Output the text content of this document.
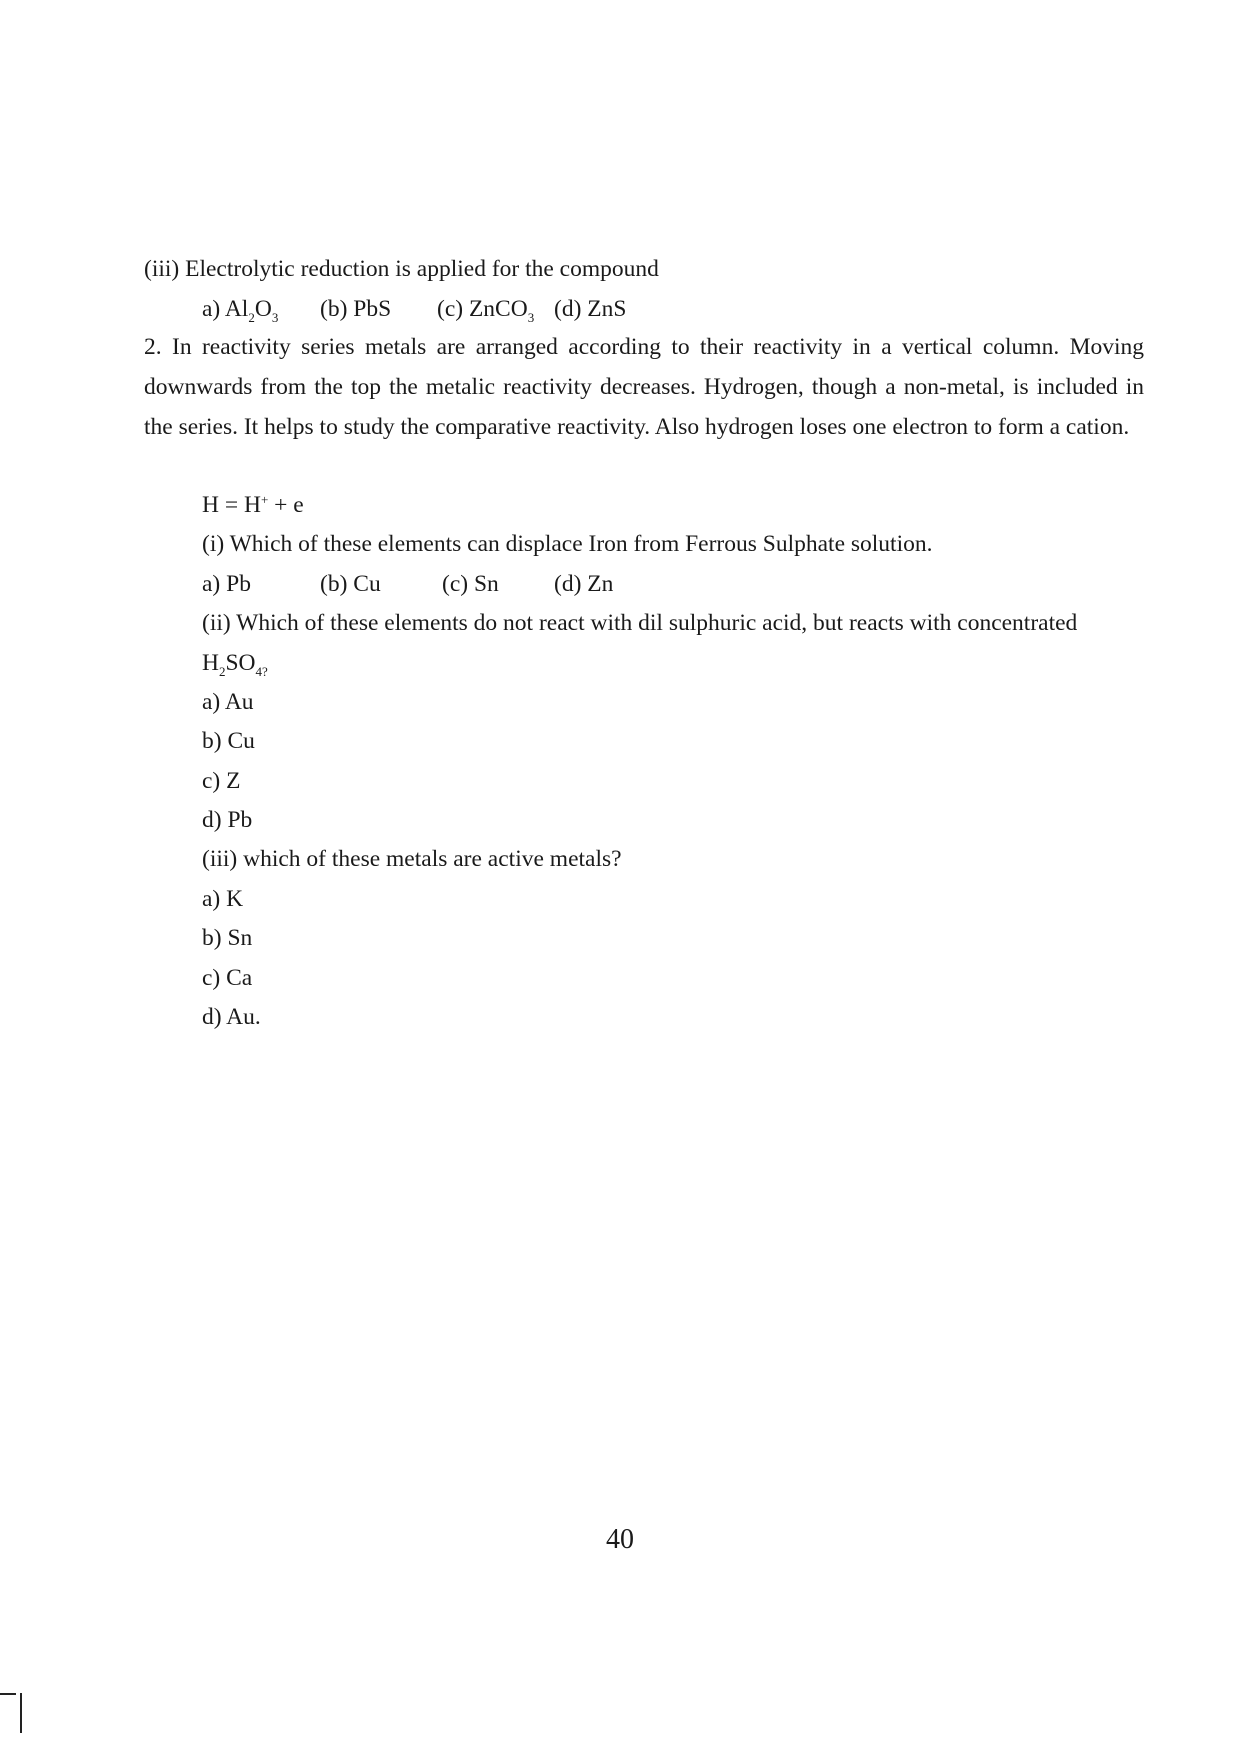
(iii) Electrolytic reduction is applied for the compound
a) $Al_2O_3$ (b) PbS (c) ZnCO$_3$ (d) ZnS
2. In reactivity series metals are arranged according to their reactivity in a vertical column. Moving downwards from the top the metalic reactivity decreases. Hydrogen, though a non-metal, is included in the series. It helps to study the comparative reactivity. Also hydrogen loses one electron to form a cation.
H = H+ + e
(i) Which of these elements can displace Iron from Ferrous Sulphate solution.
a) Pb	(b) Cu	(c) Sn (d) Zn
(ii) Which of these elements do not react with dil sulphuric acid, but reacts with concentrated
$H_2SO_{4?}$
a) Au
b) Cu
c) Z
d) Pb
(iii) which of these metals are active metals?
a) K
b) Sn
c) Ca
d) Au.
40
